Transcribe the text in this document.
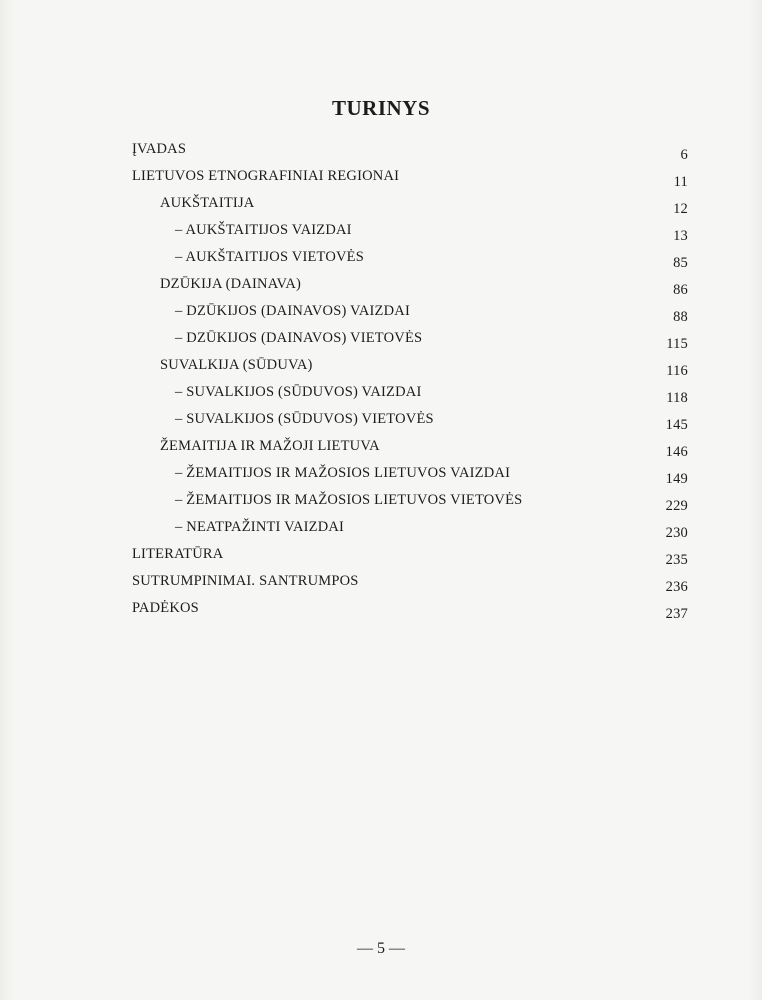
TURINYS
ĮVADAS	6
LIETUVOS ETNOGRAFINIAI REGIONAI	11
AUKŠTAITIJA	12
– AUKŠTAITIJOS VAIZDAI	13
– AUKŠTAITIJOS VIETOVĖS	85
DZŪKIJA (DAINAVA)	86
– DZŪKIJOS (DAINAVOS) VAIZDAI	88
– DZŪKIJOS (DAINAVOS) VIETOVĖS	115
SUVALKIJA (SŪDUVA)	116
– SUVALKIJOS (SŪDUVOS) VAIZDAI	118
– SUVALKIJOS (SŪDUVOS) VIETOVĖS	145
ŽEMAITIJA IR MAŽOJI LIETUVA	146
– ŽEMAITIJOS IR MAŽOSIOS LIETUVOS VAIZDAI	149
– ŽEMAITIJOS IR MAŽOSIOS LIETUVOS VIETOVĖS	229
– NEATPAŽINTI VAIZDAI	230
LITERATŪRA	235
SUTRUMPINIMAI. SANTRUMPOS	236
PADĖKOS	237
— 5 —
